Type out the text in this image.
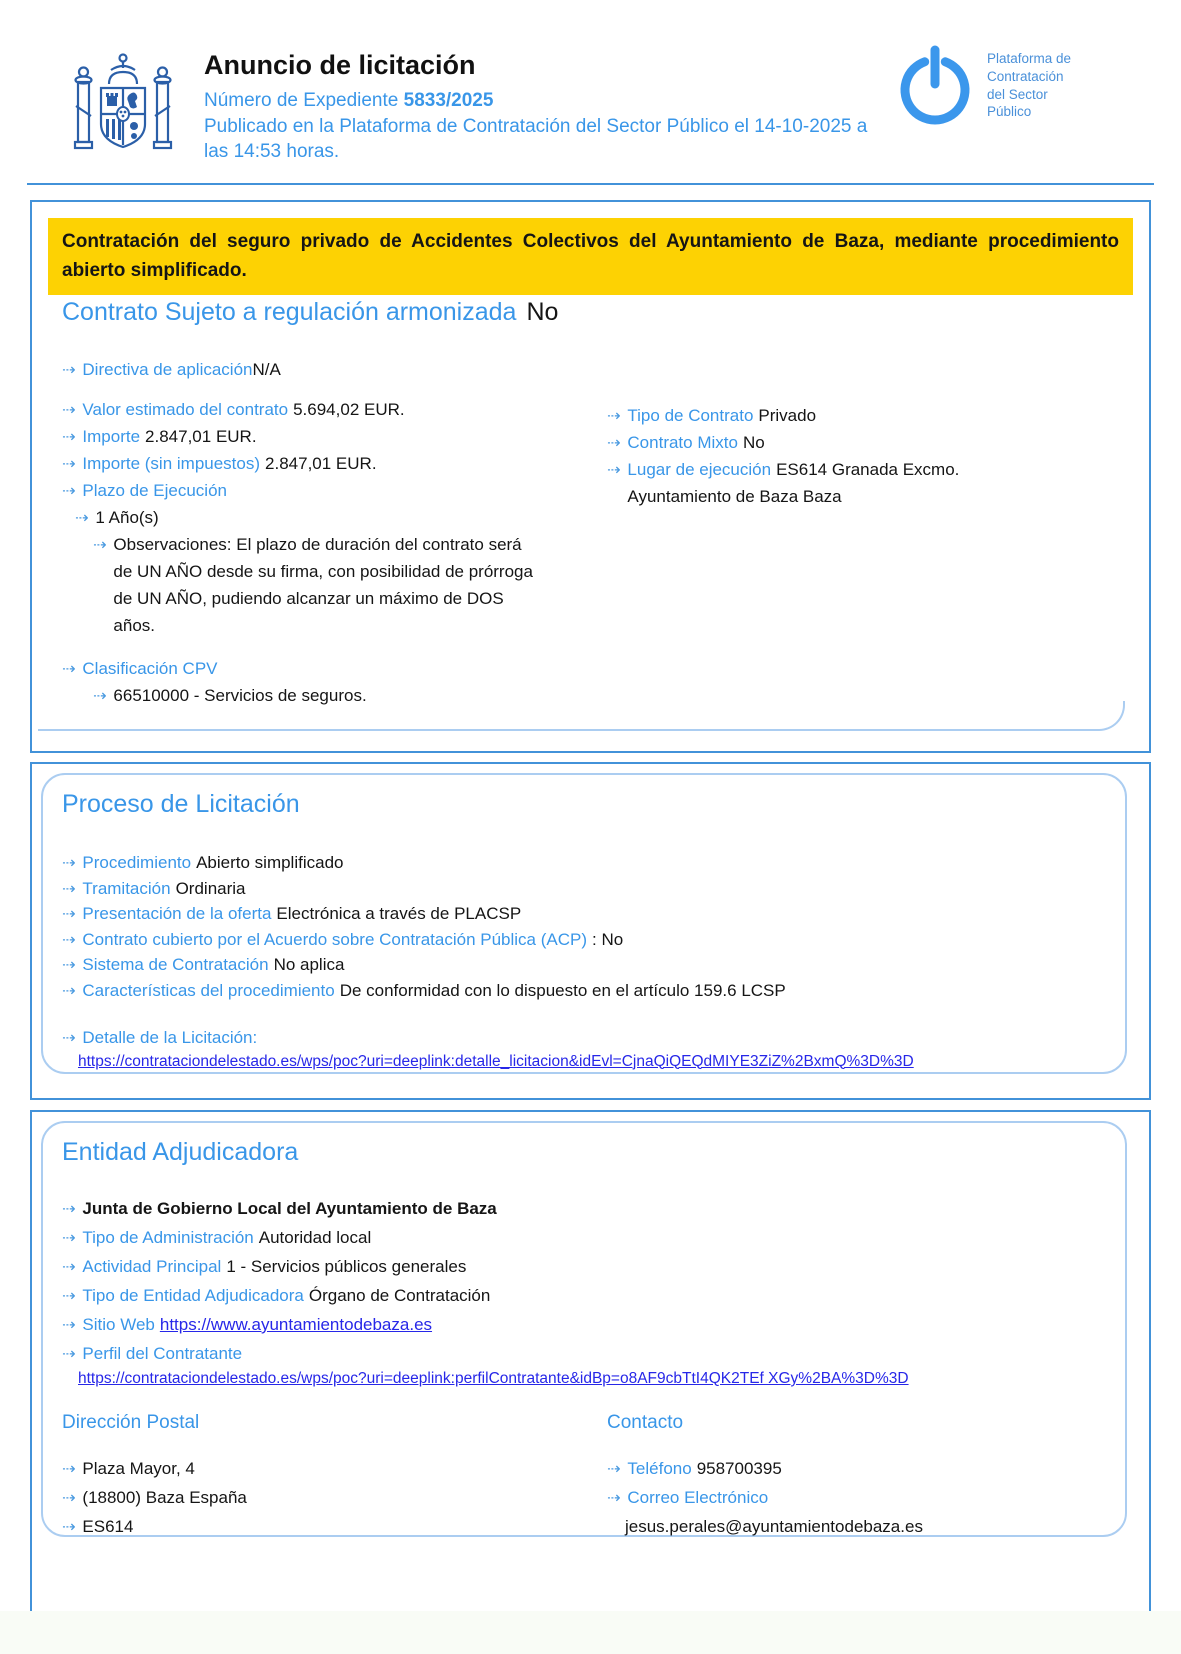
Anuncio de licitación
Número de Expediente 5833/2025
Publicado en la Plataforma de Contratación del Sector Público el 14-10-2025 a las 14:53 horas.
Plataforma de
Contratación
del Sector
Público
Contratación del seguro privado de Accidentes Colectivos del Ayuntamiento de Baza, mediante procedimiento abierto simplificado.
Contrato Sujeto a regulación armonizada No
⇢Directiva de aplicaciónN/A
⇢Valor estimado del contrato 5.694,02 EUR.
⇢Importe 2.847,01 EUR.
⇢Importe (sin impuestos) 2.847,01 EUR.
⇢Plazo de Ejecución
⇢1 Año(s)
⇢
Observaciones: El plazo de duración del contrato será de UN AÑO desde su firma, con posibilidad de prórroga de UN AÑO, pudiendo alcanzar un máximo de DOS años.
⇢Clasificación CPV
⇢66510000 - Servicios de seguros.
⇢Tipo de Contrato Privado
⇢Contrato Mixto No
⇢
Lugar de ejecución ES614 Granada Excmo. Ayuntamiento de Baza Baza
Proceso de Licitación
⇢Procedimiento Abierto simplificado
⇢Tramitación Ordinaria
⇢Presentación de la oferta Electrónica a través de PLACSP
⇢Contrato cubierto por el Acuerdo sobre Contratación Pública (ACP) : No
⇢Sistema de Contratación No aplica
⇢Características del procedimiento De conformidad con lo dispuesto en el artículo 159.6 LCSP
⇢Detalle de la Licitación:
https://contrataciondelestado.es/wps/poc?uri=deeplink:detalle_licitacion&idEvl=CjnaQiQEQdMIYE3ZiZ%2BxmQ%3D%3D
Entidad Adjudicadora
⇢Junta de Gobierno Local del Ayuntamiento de Baza
⇢Tipo de Administración Autoridad local
⇢Actividad Principal 1 - Servicios públicos generales
⇢Tipo de Entidad Adjudicadora Órgano de Contratación
⇢Sitio Web https://www.ayuntamientodebaza.es
⇢Perfil del Contratante
https://contrataciondelestado.es/wps/poc?uri=deeplink:perfilContratante&idBp=o8AF9cbTtI4QK2TEf XGy%2BA%3D%3D
Dirección Postal
⇢Plaza Mayor, 4
⇢(18800) Baza España
⇢ES614
Contacto
⇢Teléfono 958700395
⇢Correo Electrónico
jesus.perales@ayuntamientodebaza.es
